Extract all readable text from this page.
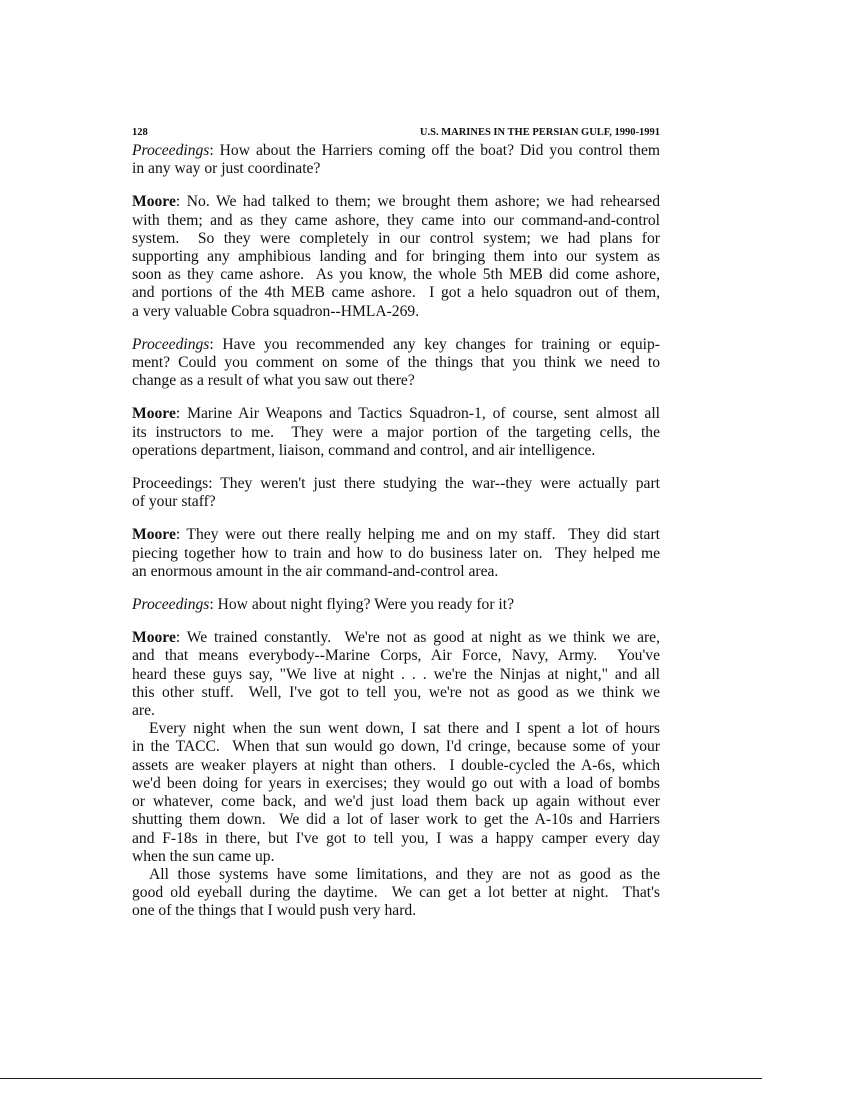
128	U.S. MARINES IN THE PERSIAN GULF, 1990-1991
Proceedings: How about the Harriers coming off the boat? Did you control them
in any way or just coordinate?
Moore: No. We had talked to them; we brought them ashore; we had rehearsed
with them; and as they came ashore, they came into our command-and-control
system.  So they were completely in our control system; we had plans for
supporting any amphibious landing and for bringing them into our system as
soon as they came ashore.  As you know, the whole 5th MEB did come ashore,
and portions of the 4th MEB came ashore.  I got a helo squadron out of them,
a very valuable Cobra squadron--HMLA-269.
Proceedings: Have you recommended any key changes for training or equip-
ment? Could you comment on some of the things that you think we need to
change as a result of what you saw out there?
Moore: Marine Air Weapons and Tactics Squadron-1, of course, sent almost all
its instructors to me.  They were a major portion of the targeting cells, the
operations department, liaison, command and control, and air intelligence.
Proceedings: They weren't just there studying the war--they were actually part
of your staff?
Moore: They were out there really helping me and on my staff.  They did start
piecing together how to train and how to do business later on.  They helped me
an enormous amount in the air command-and-control area.
Proceedings: How about night flying? Were you ready for it?
Moore: We trained constantly.  We're not as good at night as we think we are,
and that means everybody--Marine Corps, Air Force, Navy, Army.  You've
heard these guys say, "We live at night . . . we're the Ninjas at night," and all
this other stuff.  Well, I've got to tell you, we're not as good as we think we
are.
Every night when the sun went down, I sat there and I spent a lot of hours
in the TACC.  When that sun would go down, I'd cringe, because some of your
assets are weaker players at night than others.  I double-cycled the A-6s, which
we'd been doing for years in exercises; they would go out with a load of bombs
or whatever, come back, and we'd just load them back up again without ever
shutting them down.  We did a lot of laser work to get the A-10s and Harriers
and F-18s in there, but I've got to tell you, I was a happy camper every day
when the sun came up.
All those systems have some limitations, and they are not as good as the
good old eyeball during the daytime.  We can get a lot better at night.  That's
one of the things that I would push very hard.
